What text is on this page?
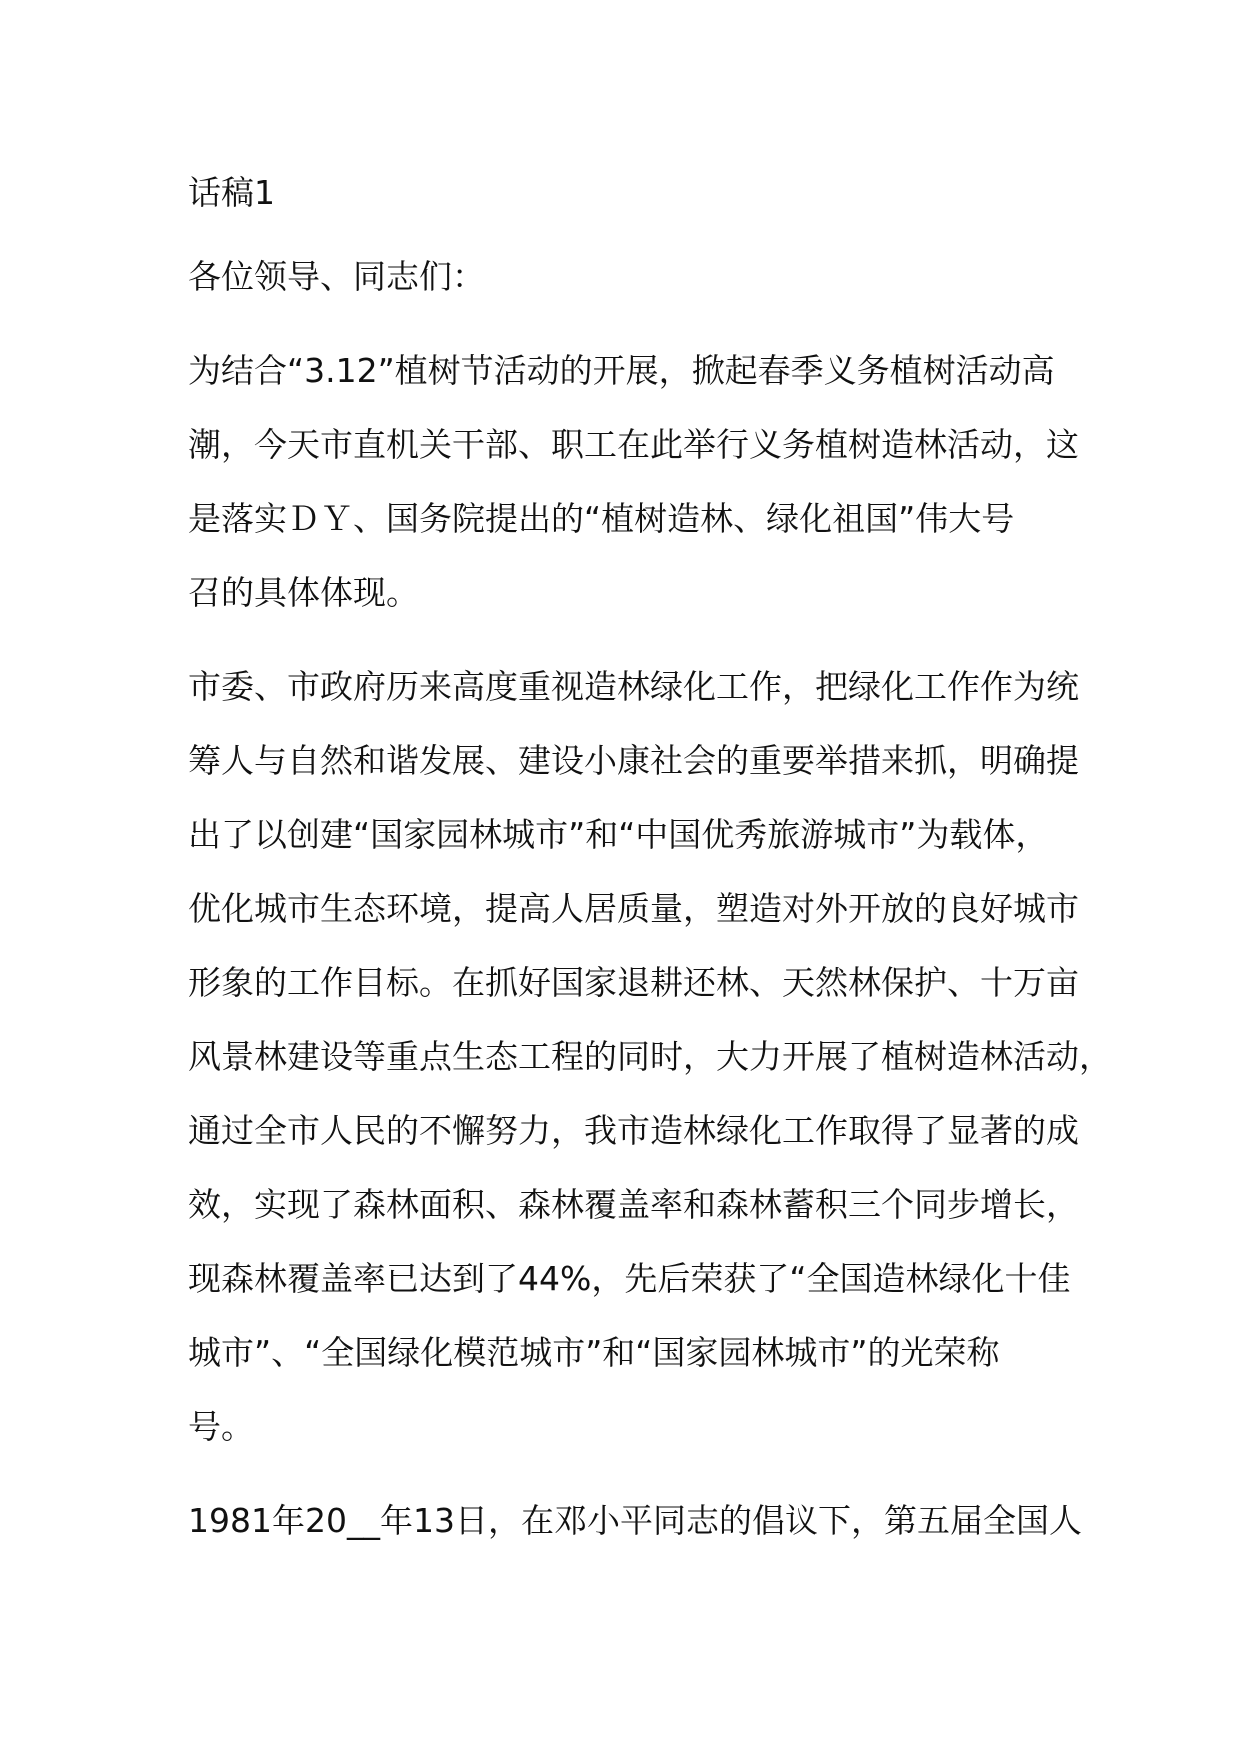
话稿1

各位领导、同志们：

为结合“3.12”植树节活动的开展，掀起春季义务植树活动高
潮，今天市直机关干部、职工在此举行义务植树造林活动，这
是落实ＤＹ、国务院提出的“植树造林、绿化祖国”伟大号
召的具体体现。

市委、市政府历来高度重视造林绿化工作，把绿化工作作为统
筹人与自然和谐发展、建设小康社会的重要举措来抓，明确提
出了以创建“国家园林城市”和“中国优秀旅游城市”为载体，
优化城市生态环境，提高人居质量，塑造对外开放的良好城市
形象的工作目标。在抓好国家退耕还林、天然林保护、十万亩
风景林建设等重点生态工程的同时，大力开展了植树造林活动，
通过全市人民的不懈努力，我市造林绿化工作取得了显著的成
效，实现了森林面积、森林覆盖率和森林蓄积三个同步增长，
现森林覆盖率已达到了44%，先后荣获了“全国造林绿化十佳
城市”、“全国绿化模范城市”和“国家园林城市”的光荣称
号。

1981年20__年13日，在邓小平同志的倡议下，第五届全国人
